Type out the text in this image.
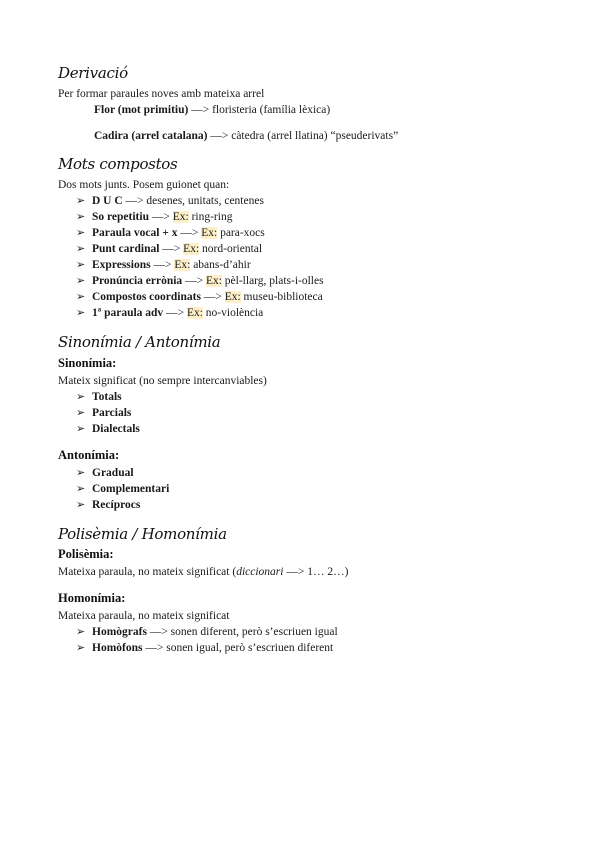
Derivació
Per formar paraules noves amb mateixa arrel
Flor (mot primitiu) —> floristeria (família lèxica)
Cadira (arrel catalana) —> càtedra (arrel llatina) “pseuderivats”
Mots compostos
Dos mots junts. Posem guionet quan:
➢ D U C —> desenes, unitats, centenes
➢ So repetitiu —> Ex: ring-ring
➢ Paraula vocal + x —> Ex: para-xocs
➢ Punt cardinal —> Ex: nord-oriental
➢ Expressions —> Ex: abans-d’ahir
➢ Pronúncia errònia —> Ex: pèl-llarg, plats-i-olles
➢ Compostos coordinats —> Ex: museu-biblioteca
➢ 1ª paraula adv —> Ex: no-violència
Sinonímia / Antonímia
Sinonímia:
Mateix significat (no sempre intercanviables)
➢ Totals
➢ Parcials
➢ Dialectals
Antonímia:
➢ Gradual
➢ Complementari
➢ Recíprocs
Polisèmia / Homonímia
Polisèmia:
Mateixa paraula, no mateix significat (diccionari —> 1… 2…)
Homonímia:
Mateixa paraula, no mateix significat
➢ Homògrafs —> sonen diferent, però s’escriuen igual
➢ Homòfons —> sonen igual, però s’escriuen diferent
